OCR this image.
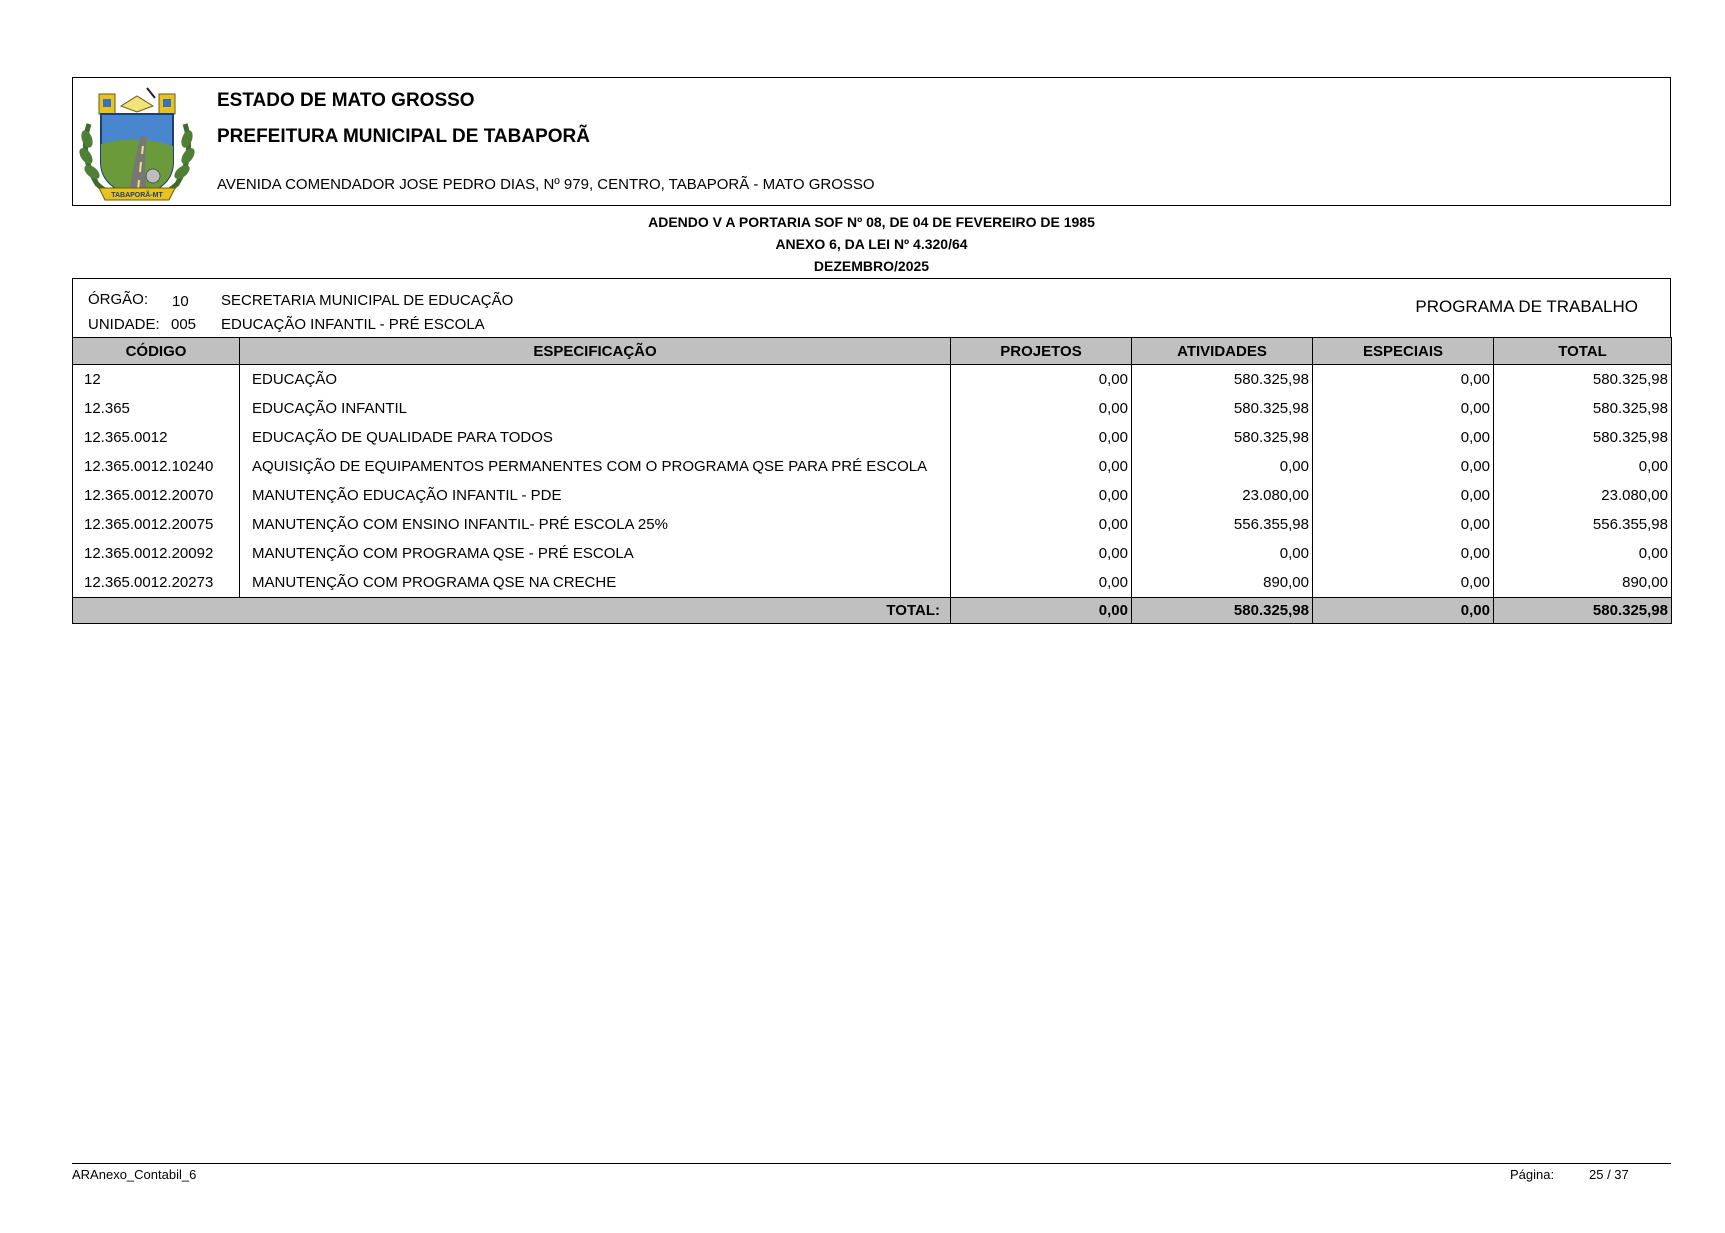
TABAPORÃ-MT
ESTADO DE MATO GROSSO
PREFEITURA MUNICIPAL DE TABAPORÃ
AVENIDA COMENDADOR JOSE PEDRO DIAS, Nº 979, CENTRO, TABAPORÃ - MATO GROSSO
ADENDO V A PORTARIA SOF Nº 08, DE 04 DE FEVEREIRO DE 1985
ANEXO 6, DA LEI Nº 4.320/64
DEZEMBRO/2025
ÓRGÃO: 10 SECRETARIA MUNICIPAL DE EDUCAÇÃO
UNIDADE: 005 EDUCAÇÃO INFANTIL - PRÉ ESCOLA
PROGRAMA DE TRABALHO
CÓDIGO	ESPECIFICAÇÃO	PROJETOS	ATIVIDADES	ESPECIAIS	TOTAL
12	EDUCAÇÃO	0,00	580.325,98	0,00	580.325,98
12.365	EDUCAÇÃO INFANTIL	0,00	580.325,98	0,00	580.325,98
12.365.0012	EDUCAÇÃO DE QUALIDADE PARA TODOS	0,00	580.325,98	0,00	580.325,98
12.365.0012.10240	AQUISIÇÃO DE EQUIPAMENTOS PERMANENTES COM O PROGRAMA QSE PARA PRÉ ESCOLA	0,00	0,00	0,00	0,00
12.365.0012.20070	MANUTENÇÃO EDUCAÇÃO INFANTIL - PDE	0,00	23.080,00	0,00	23.080,00
12.365.0012.20075	MANUTENÇÃO COM ENSINO INFANTIL- PRÉ ESCOLA 25%	0,00	556.355,98	0,00	556.355,98
12.365.0012.20092	MANUTENÇÃO COM PROGRAMA QSE - PRÉ ESCOLA	0,00	0,00	0,00	0,00
12.365.0012.20273	MANUTENÇÃO COM PROGRAMA QSE NA CRECHE	0,00	890,00	0,00	890,00
TOTAL:		0,00	580.325,98	0,00	580.325,98
ARAnexo_Contabil_6	Página:	25 / 37
